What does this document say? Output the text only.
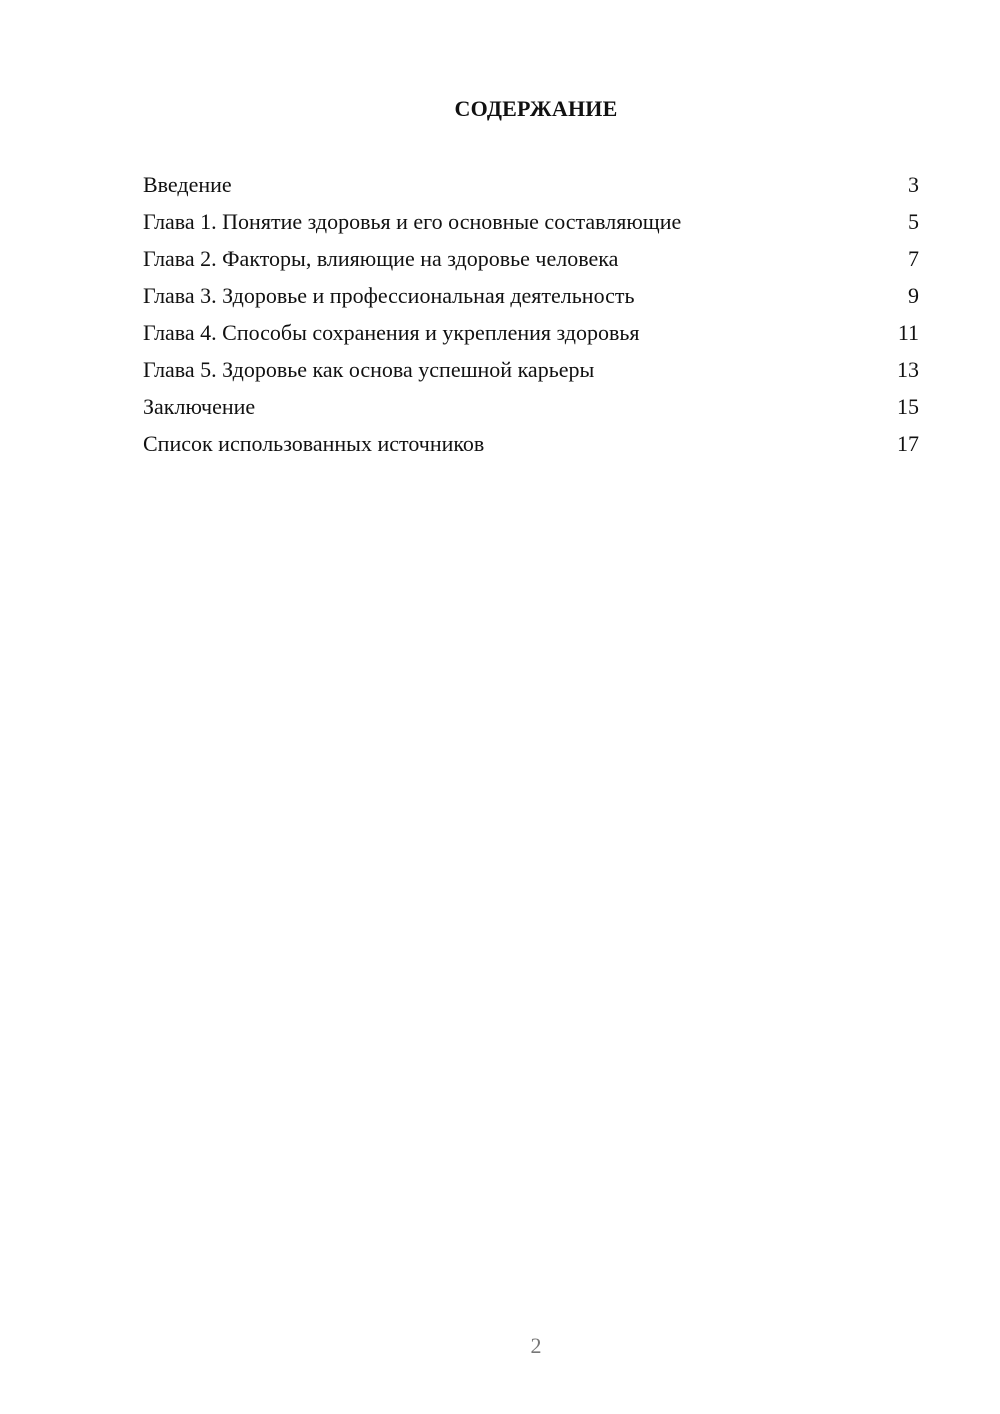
СОДЕРЖАНИЕ
Введение	3
Глава 1. Понятие здоровья и его основные составляющие	5
Глава 2. Факторы, влияющие на здоровье человека	7
Глава 3. Здоровье и профессиональная деятельность	9
Глава 4. Способы сохранения и укрепления здоровья	11
Глава 5. Здоровье как основа успешной карьеры	13
Заключение	15
Список использованных источников	17
2
